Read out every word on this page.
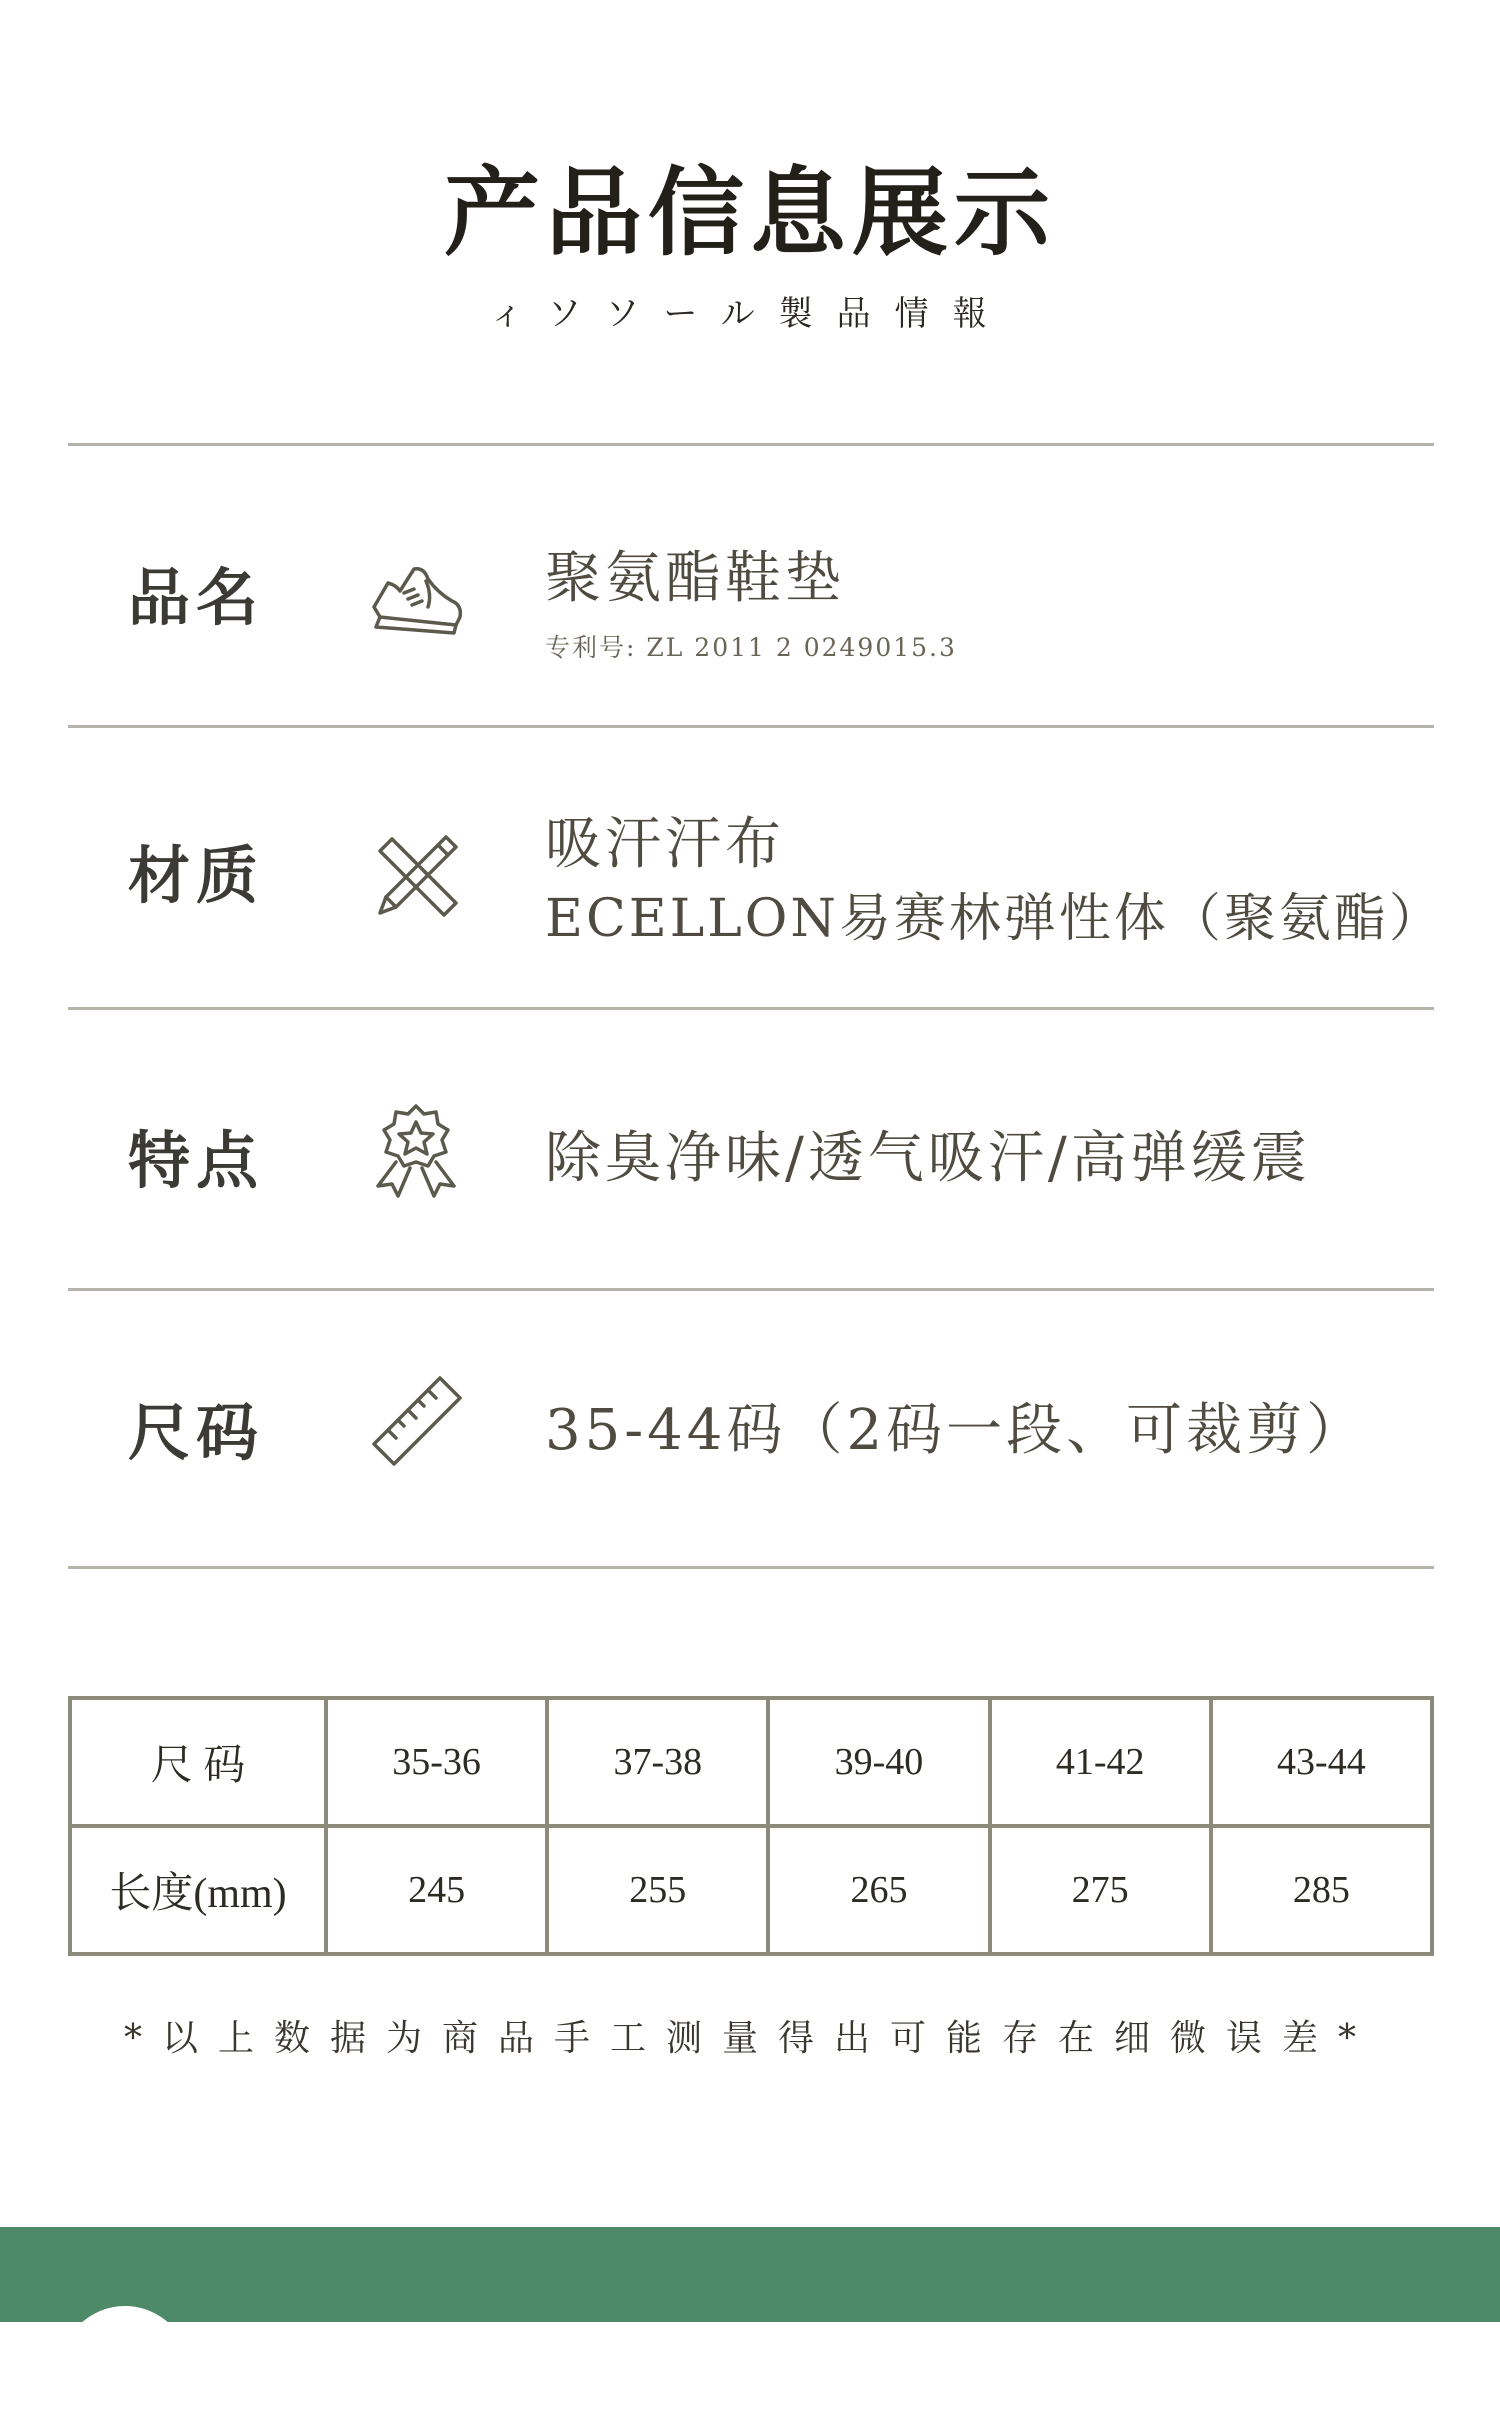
产品信息展示
ィソソール製品情報
品名	聚氨酯鞋垫
专利号: ZL 2011 2 0249015.3
材质	吸汗汗布
ECELLON易赛林弹性体（聚氨酯）
特点	除臭净味/透气吸汗/高弹缓震
尺码	35-44码（2码一段、可裁剪）
尺 码	35-36	37-38	39-40	41-42	43-44
长度(mm)	245	255	265	275	285
*以上数据为商品手工测量得出可能存在细微误差*
